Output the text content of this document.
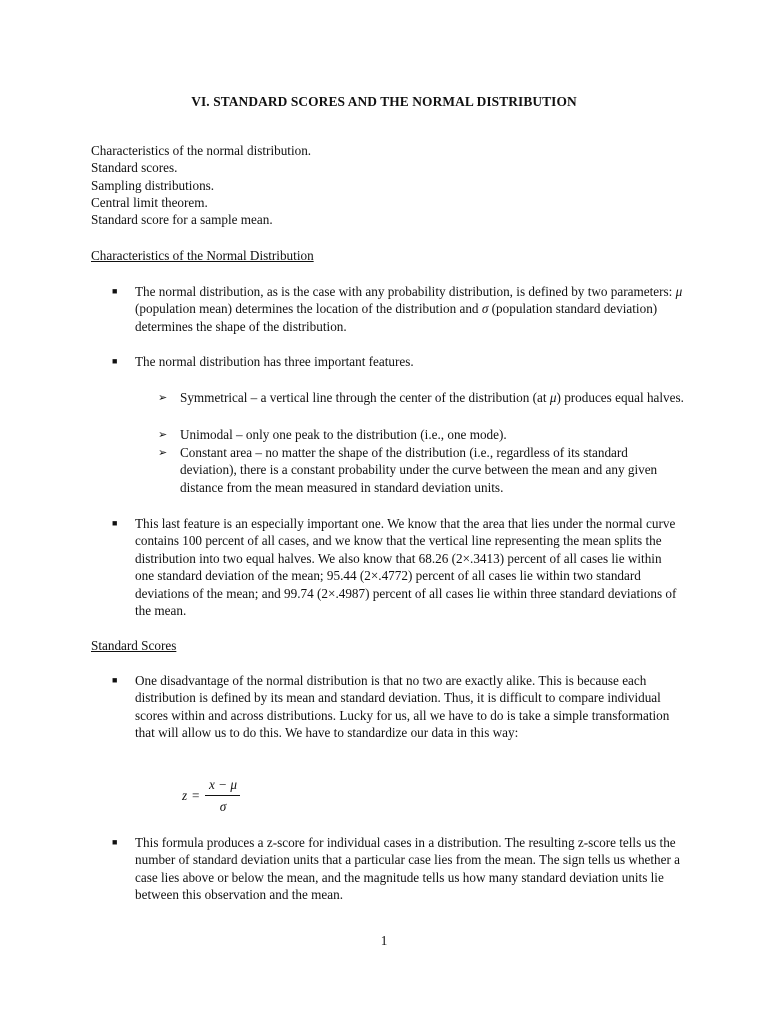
VI. STANDARD SCORES AND THE NORMAL DISTRIBUTION
Characteristics of the normal distribution.
Standard scores.
Sampling distributions.
Central limit theorem.
Standard score for a sample mean.
Characteristics of the Normal Distribution
■ The normal distribution, as is the case with any probability distribution, is defined by two parameters: μ (population mean) determines the location of the distribution and σ (population standard deviation) determines the shape of the distribution.
■ The normal distribution has three important features.
➢ Symmetrical – a vertical line through the center of the distribution (at μ) produces equal halves.
➢ Unimodal – only one peak to the distribution (i.e., one mode).
➢ Constant area – no matter the shape of the distribution (i.e., regardless of its standard deviation), there is a constant probability under the curve between the mean and any given distance from the mean measured in standard deviation units.
■ This last feature is an especially important one. We know that the area that lies under the normal curve contains 100 percent of all cases, and we know that the vertical line representing the mean splits the distribution into two equal halves. We also know that 68.26 (2×.3413) percent of all cases lie within one standard deviation of the mean; 95.44 (2×.4772) percent of all cases lie within two standard deviations of the mean; and 99.74 (2×.4987) percent of all cases lie within three standard deviations of the mean.
Standard Scores
■ One disadvantage of the normal distribution is that no two are exactly alike. This is because each distribution is defined by its mean and standard deviation. Thus, it is difficult to compare individual scores within and across distributions. Lucky for us, all we have to do is take a simple transformation that will allow us to do this. We have to standardize our data in this way:
z =
x − μ
σ
■ This formula produces a z-score for individual cases in a distribution. The resulting z-score tells us the number of standard deviation units that a particular case lies from the mean. The sign tells us whether a case lies above or below the mean, and the magnitude tells us how many standard deviation units lie between this observation and the mean.
1
